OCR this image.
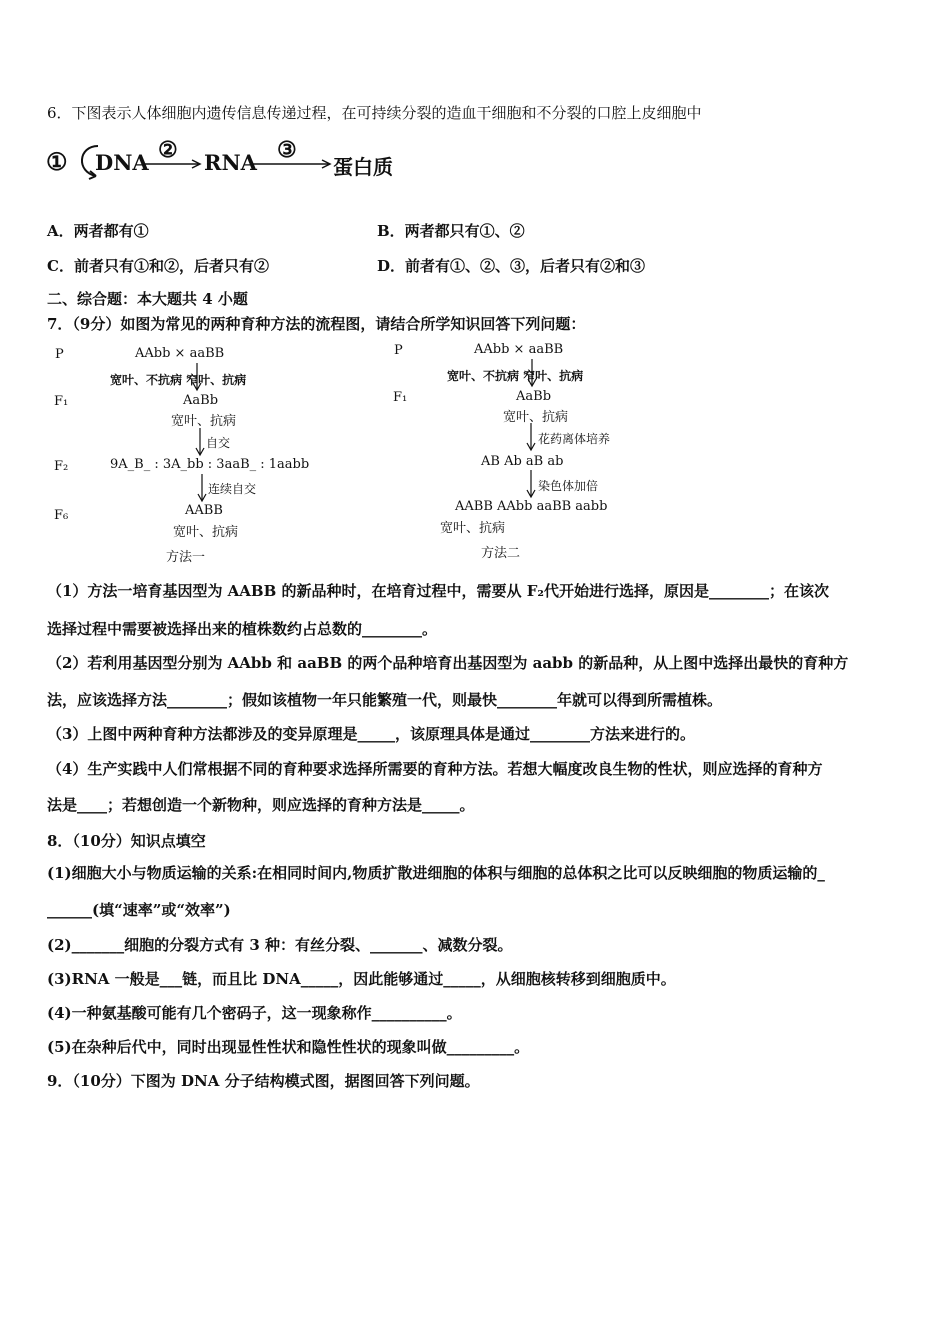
6．下图表示人体细胞内遗传信息传递过程，在可持续分裂的造血干细胞和不分裂的口腔上皮细胞中
① DNA ② RNA ③
蛋白质
A．两者都有①	B．两者都只有①、②
C．前者只有①和②，后者只有②	D．前者有①、②、③，后者只有②和③
二、综合题：本大题共 4 小题
7．（9分）如图为常见的两种育种方法的流程图，请结合所学知识回答下列问题：
P	AAbb × aaBB
宽叶、不抗病 窄叶、抗病
F₁	AaBb
宽叶、抗病
自交
F₂	9A_B_ : 3A_bb : 3aaB_ : 1aabb
连续自交
F₆	AABB
宽叶、抗病
方法一
P	AAbb × aaBB
宽叶、不抗病 窄叶、抗病
F₁	AaBb
宽叶、抗病
花药离体培养
AB Ab aB ab
染色体加倍
AABB AAbb aaBB aabb
宽叶、抗病
方法二
（1）方法一培育基因型为 AABB 的新品种时，在培育过程中，需要从 F₂代开始进行选择，原因是________；在该次
选择过程中需要被选择出来的植株数约占总数的________。
（2）若利用基因型分别为 AAbb 和 aaBB 的两个品种培育出基因型为 aabb 的新品种，从上图中选择出最快的育种方
法，应该选择方法________；假如该植物一年只能繁殖一代，则最快________年就可以得到所需植株。
（3）上图中两种育种方法都涉及的变异原理是_____，该原理具体是通过________方法来进行的。
（4）生产实践中人们常根据不同的育种要求选择所需要的育种方法。若想大幅度改良生物的性状，则应选择的育种方
法是____；若想创造一个新物种，则应选择的育种方法是_____。
8．（10分）知识点填空
(1)细胞大小与物质运输的关系:在相同时间内,物质扩散进细胞的体积与细胞的总体积之比可以反映细胞的物质运输的_
______(填“速率”或“效率”)
(2)_______细胞的分裂方式有 3 种：有丝分裂、_______、减数分裂。
(3)RNA 一般是___链，而且比 DNA_____，因此能够通过_____，从细胞核转移到细胞质中。
(4)一种氨基酸可能有几个密码子，这一现象称作__________。
(5)在杂种后代中，同时出现显性性状和隐性性状的现象叫做_________。
9．（10分）下图为 DNA 分子结构模式图，据图回答下列问题。
